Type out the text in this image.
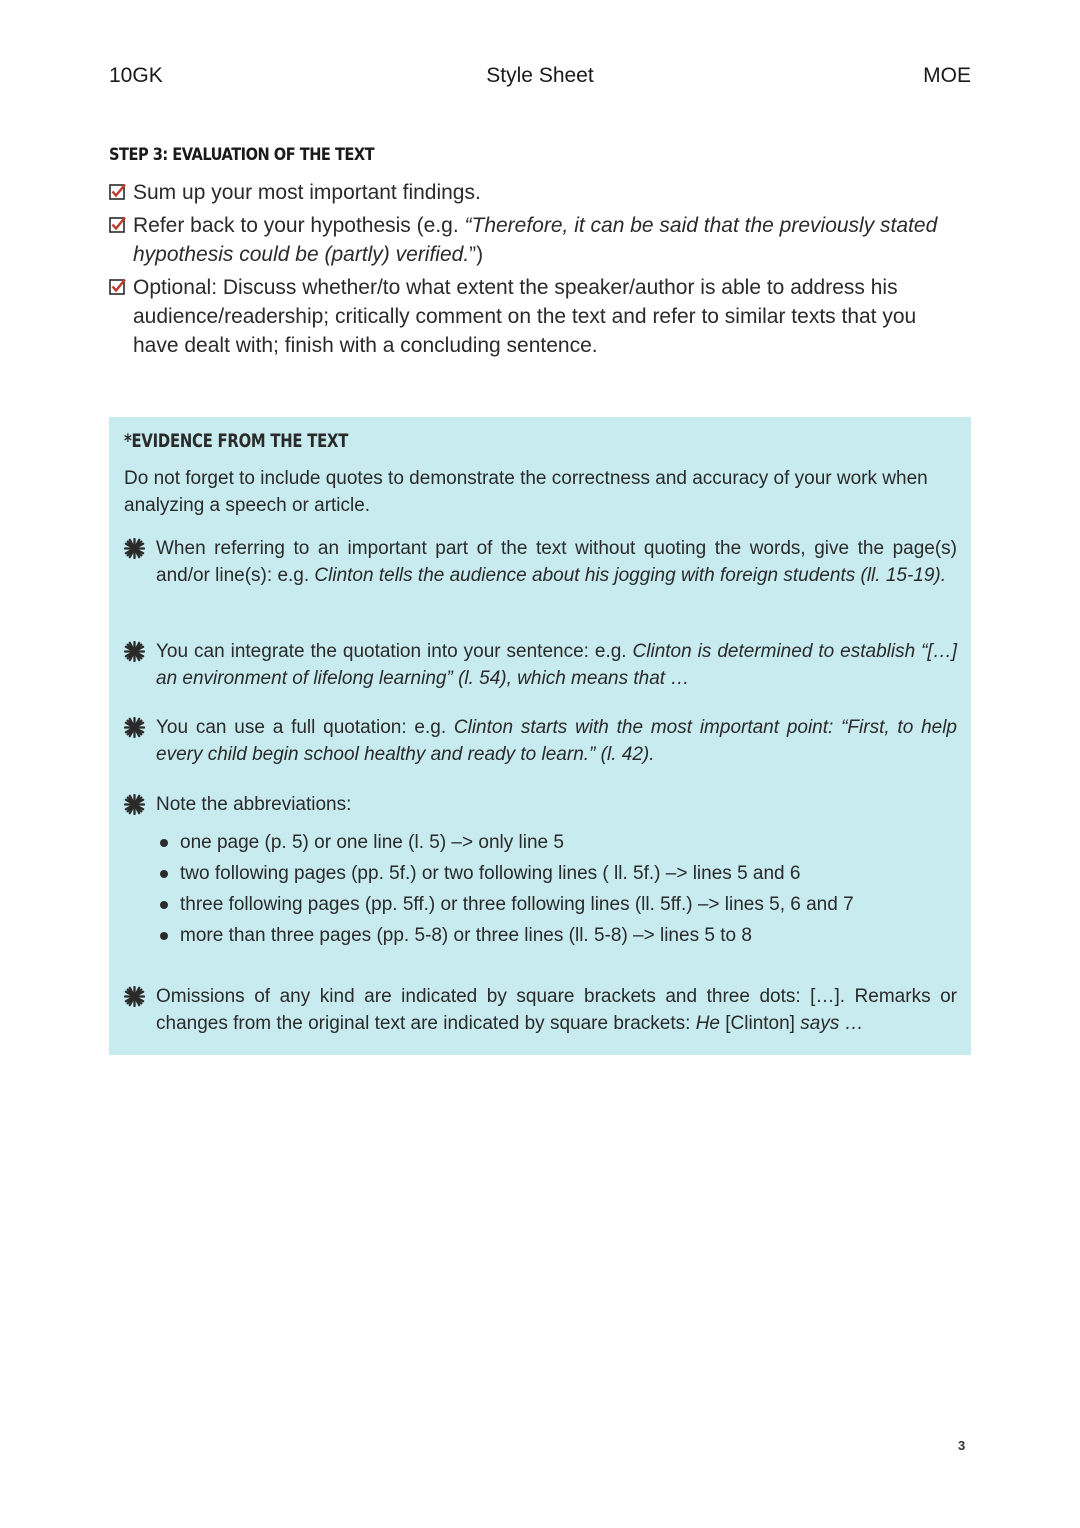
10GK	Style Sheet	MOE
STEP 3: EVALUATION OF THE TEXT
Sum up your most important findings.
Refer back to your hypothesis (e.g. “Therefore, it can be said that the previously stated hypothesis could be (partly) verified.”)
Optional: Discuss whether/to what extent the speaker/author is able to address his audience/readership; critically comment on the text and refer to similar texts that you have dealt with; finish with a concluding sentence.
*EVIDENCE FROM THE TEXT
Do not forget to include quotes to demonstrate the correctness and accuracy of your work when analyzing a speech or article.
When referring to an important part of the text without quoting the words, give the page(s) and/or line(s): e.g. Clinton tells the audience about his jogging with foreign students (ll. 15-19).
You can integrate the quotation into your sentence: e.g. Clinton is determined to establish “[…] an environment of lifelong learning” (l. 54), which means that …
You can use a full quotation: e.g. Clinton starts with the most important point: “First, to help every child begin school healthy and ready to learn.” (l. 42).
Note the abbreviations:
one page (p. 5) or one line (l. 5) –> only line 5
two following pages (pp. 5f.) or two following lines ( ll. 5f.) –> lines 5 and 6
three following pages (pp. 5ff.) or three following lines (ll. 5ff.) –> lines 5, 6 and 7
more than three pages (pp. 5-8) or three lines (ll. 5-8) –> lines 5 to 8
Omissions of any kind are indicated by square brackets and three dots: […]. Remarks or changes from the original text are indicated by square brackets: He [Clinton] says …
3
